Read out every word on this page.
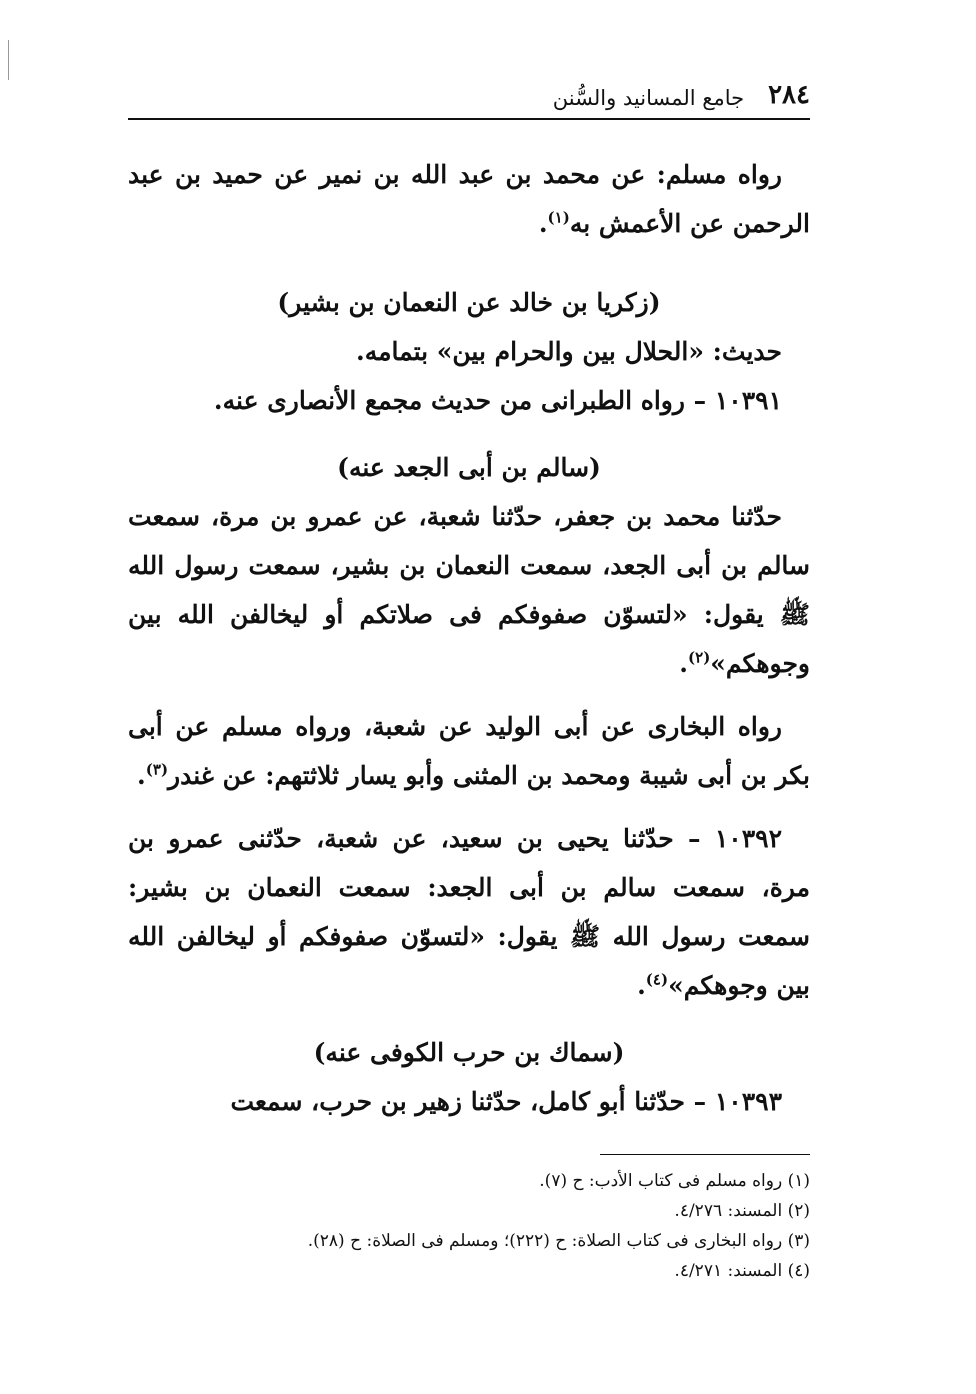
٢٨٤
جامع المسانيد والسُّنن

رواه مسلم: عن محمد بن عبد الله بن نمير عن حميد بن عبد الرحمن عن الأعمش به$^{(١)}$.

(زكريا بن خالد عن النعمان بن بشير)

حديث: «الحلال بين والحرام بين» بتمامه.

١٠٣٩١ – رواه الطبرانى من حديث مجمع الأنصارى عنه.

(سالم بن أبى الجعد عنه)

حدّثنا محمد بن جعفر، حدّثنا شعبة، عن عمرو بن مرة، سمعت سالم بن أبى الجعد، سمعت النعمان بن بشير، سمعت رسول الله ﷺ يقول: «لتسوّن صفوفكم فى صلاتكم أو ليخالفن الله بين وجوهكم»$^{(٢)}$.

رواه البخارى عن أبى الوليد عن شعبة، ورواه مسلم عن أبى بكر بن أبى شيبة ومحمد بن المثنى وأبو يسار ثلاثتهم: عن غندر$^{(٣)}$.

١٠٣٩٢ – حدّثنا يحيى بن سعيد، عن شعبة، حدّثنى عمرو بن مرة، سمعت سالم بن أبى الجعد: سمعت النعمان بن بشير: سمعت رسول الله ﷺ يقول: «لتسوّن صفوفكم أو ليخالفن الله بين وجوهكم»$^{(٤)}$.

(سماك بن حرب الكوفى عنه)

١٠٣٩٣ – حدّثنا أبو كامل، حدّثنا زهير بن حرب، سمعت

(١) رواه مسلم فى كتاب الأدب: ح (٧).

(٢) المسند: ٤/٢٧٦.

(٣) رواه البخارى فى كتاب الصلاة: ح (٢٢٢)؛ ومسلم فى الصلاة: ح (٢٨).

(٤) المسند: ٤/٢٧١.
